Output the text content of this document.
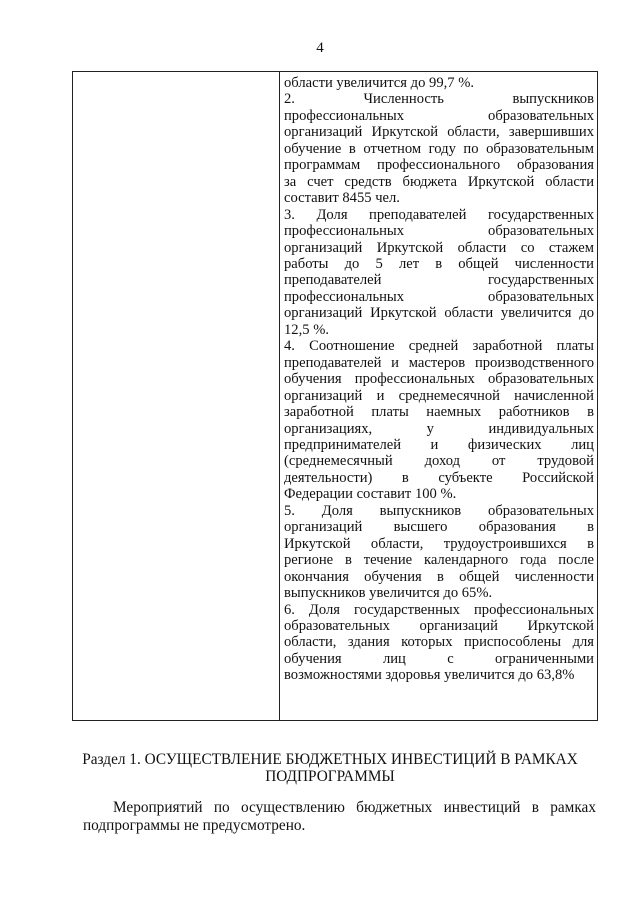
4
области увеличится до 99,7 %.
2. Численность выпускников
профессиональных образовательных
организаций Иркутской области, завершивших
обучение в отчетном году по образовательным
программам профессионального образования
за счет средств бюджета Иркутской области
составит 8455 чел.
3. Доля преподавателей государственных
профессиональных образовательных
организаций Иркутской области со стажем
работы до 5 лет в общей численности
преподавателей государственных
профессиональных образовательных
организаций Иркутской области увеличится до
12,5 %.
4. Соотношение средней заработной платы
преподавателей и мастеров производственного
обучения профессиональных образовательных
организаций и среднемесячной начисленной
заработной платы наемных работников в
организациях, у индивидуальных
предпринимателей и физических лиц
(среднемесячный доход от трудовой
деятельности) в субъекте Российской
Федерации составит 100 %.
5. Доля выпускников образовательных
организаций высшего образования в
Иркутской области, трудоустроившихся в
регионе в течение календарного года после
окончания обучения в общей численности
выпускников увеличится до 65%.
6. Доля государственных профессиональных
образовательных организаций Иркутской
области, здания которых приспособлены для
обучения лиц с ограниченными
возможностями здоровья увеличится до 63,8%
Раздел 1. ОСУЩЕСТВЛЕНИЕ БЮДЖЕТНЫХ ИНВЕСТИЦИЙ В РАМКАХ
ПОДПРОГРАММЫ
Мероприятий по осуществлению бюджетных инвестиций в рамках
подпрограммы не предусмотрено.
